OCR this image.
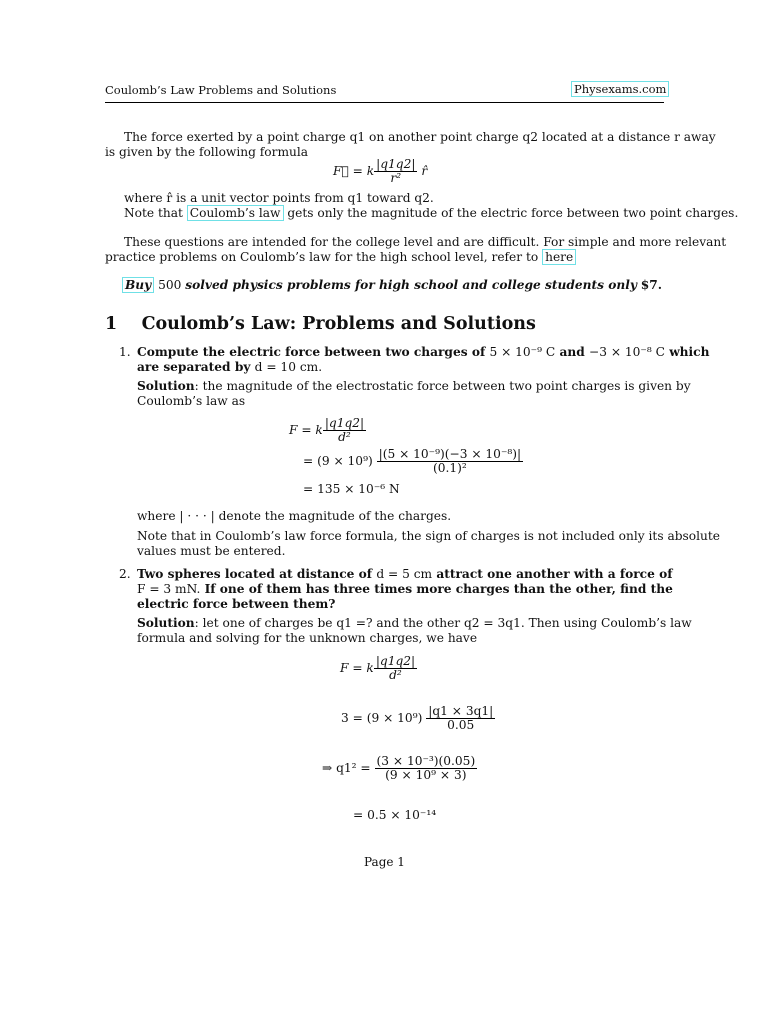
Coulomb’s Law Problems and Solutions	Physexams.com
The force exerted by a point charge q1 on another point charge q2 located at a distance r away
is given by the following formula
F⃗ = k $\frac{|q1q2|}{\text{r²}}$ r̂
where r̂ is a unit vector points from q1 toward q2.
Note that Coulomb’s law gets only the magnitude of the electric force between two point charges.
These questions are intended for the college level and are difficult. For simple and more relevant
practice problems on Coulomb’s law for the high school level, refer to here
Buy 500 solved physics problems for high school and college students only $7.
1 Coulomb’s Law: Problems and Solutions
1. Compute the electric force between two charges of 5 × 10⁻⁹ C and −3 × 10⁻⁸ C which
are separated by d = 10 cm.
Solution: the magnitude of the electrostatic force between two point charges is given by
Coulomb’s law as
F = k $\frac{|q1q2|}{\text{d²}}$
= $(9 \times 10^9) \frac{\text{|(5 × 10⁻⁹)(−3 × 10⁻⁸)|}}{\text{(0.1)²}}$
= 135 × 10⁻⁶ N
where | · · · | denote the magnitude of the charges.
Note that in Coulomb’s law force formula, the sign of charges is not included only its absolute
values must be entered.
2. Two spheres located at distance of d = 5 cm attract one another with a force of
F = 3 mN. If one of them has three times more charges than the other, find the
electric force between them?
Solution: let one of charges be q1 =? and the other q2 = 3q1. Then using Coulomb’s law
formula and solving for the unknown charges, we have
F = k $\frac{|q1q2|}{\text{d²}}$
$3 = (9 \times 10^9) \frac{|q1 \times 3q1|}{0.05}$
⇒ $q1^2 = \frac{\text{(3 × 10⁻³)(0.05)}}{\text{(9 × 10⁹ × 3)}}$
= 0.5 × 10⁻¹⁴
Page 1
